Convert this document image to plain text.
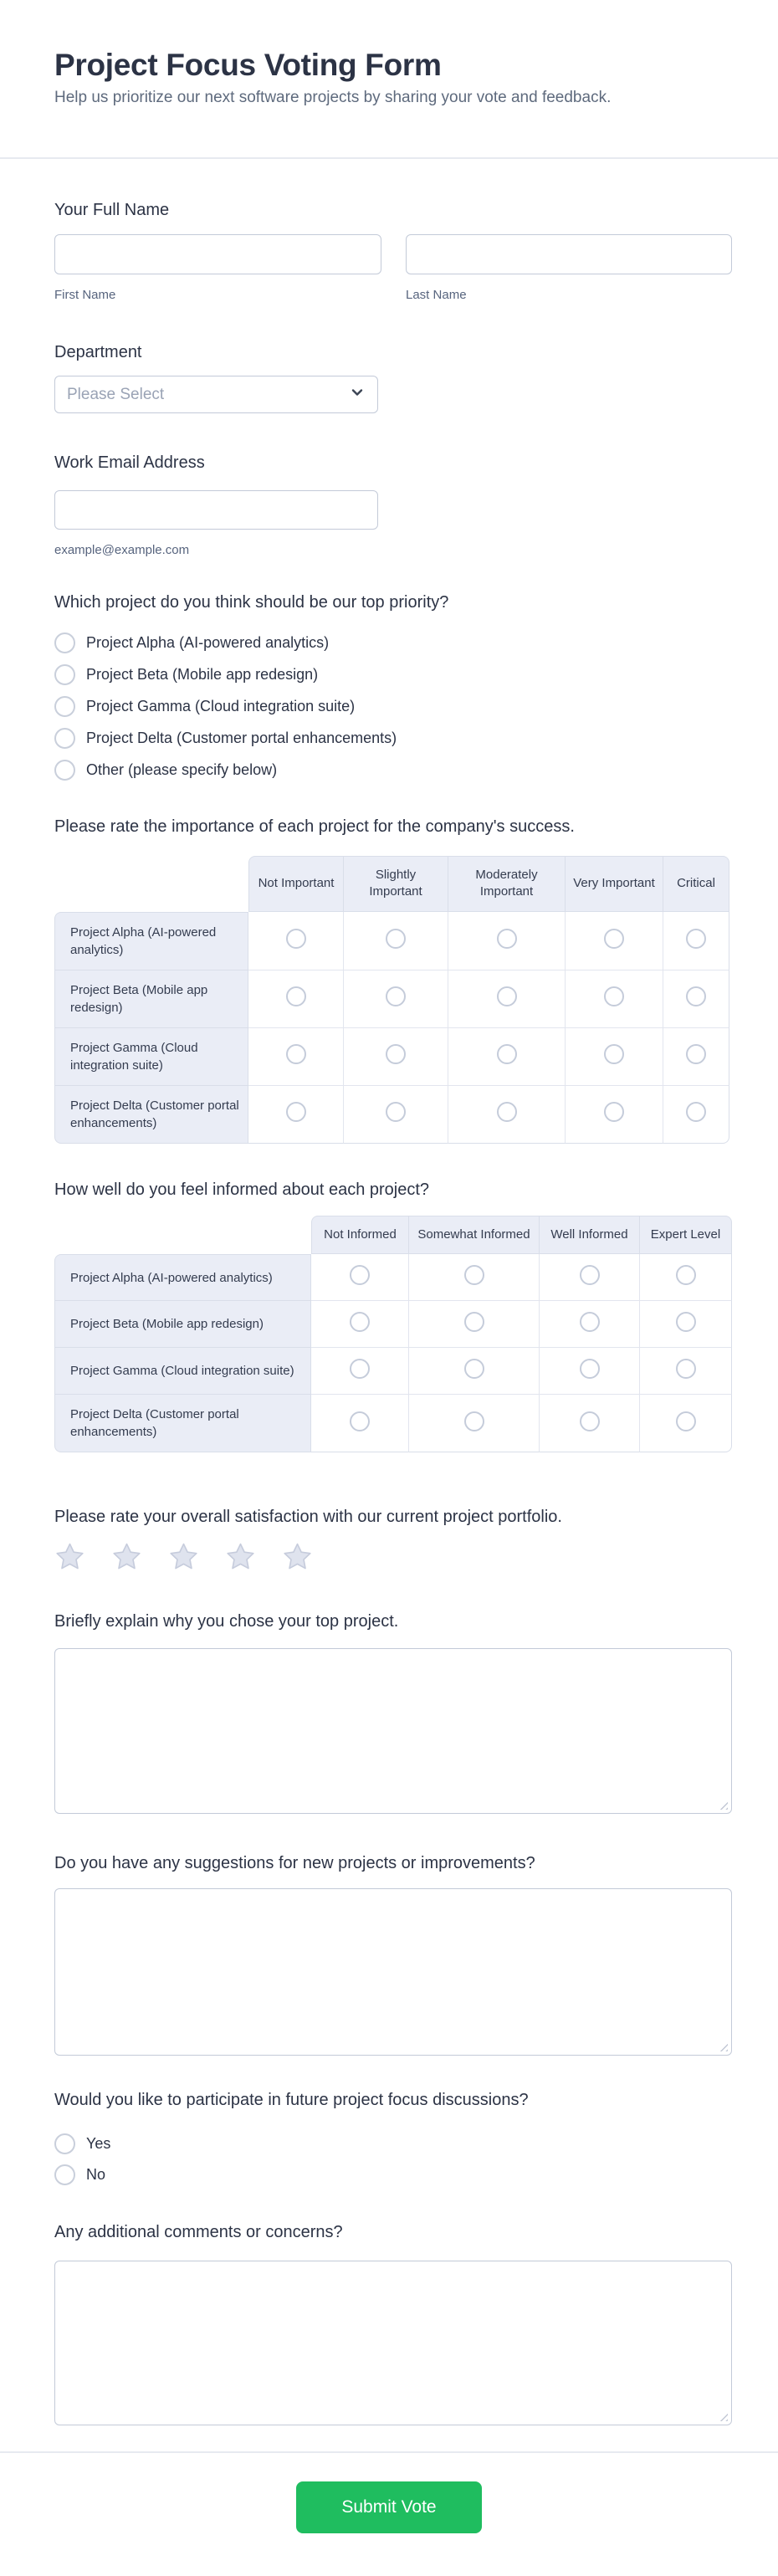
Project Focus Voting Form
Help us prioritize our next software projects by sharing your vote and feedback.
Your Full Name
First Name	Last Name
Department
Please Select
Work Email Address
example@example.com
Which project do you think should be our top priority?
Project Alpha (AI-powered analytics)
Project Beta (Mobile app redesign)
Project Gamma (Cloud integration suite)
Project Delta (Customer portal enhancements)
Other (please specify below)
Please rate the importance of each project for the company's success.
	Not Important	Slightly Important	Moderately Important	Very Important	Critical
Project Alpha (AI-powered analytics)					
Project Beta (Mobile app redesign)					
Project Gamma (Cloud integration suite)					
Project Delta (Customer portal enhancements)					
How well do you feel informed about each project?
	Not Informed	Somewhat Informed	Well Informed	Expert Level
Project Alpha (AI-powered analytics)				
Project Beta (Mobile app redesign)				
Project Gamma (Cloud integration suite)				
Project Delta (Customer portal enhancements)				
Please rate your overall satisfaction with our current project portfolio.
Briefly explain why you chose your top project.
Do you have any suggestions for new projects or improvements?
Would you like to participate in future project focus discussions?
Yes
No
Any additional comments or concerns?
Submit Vote
